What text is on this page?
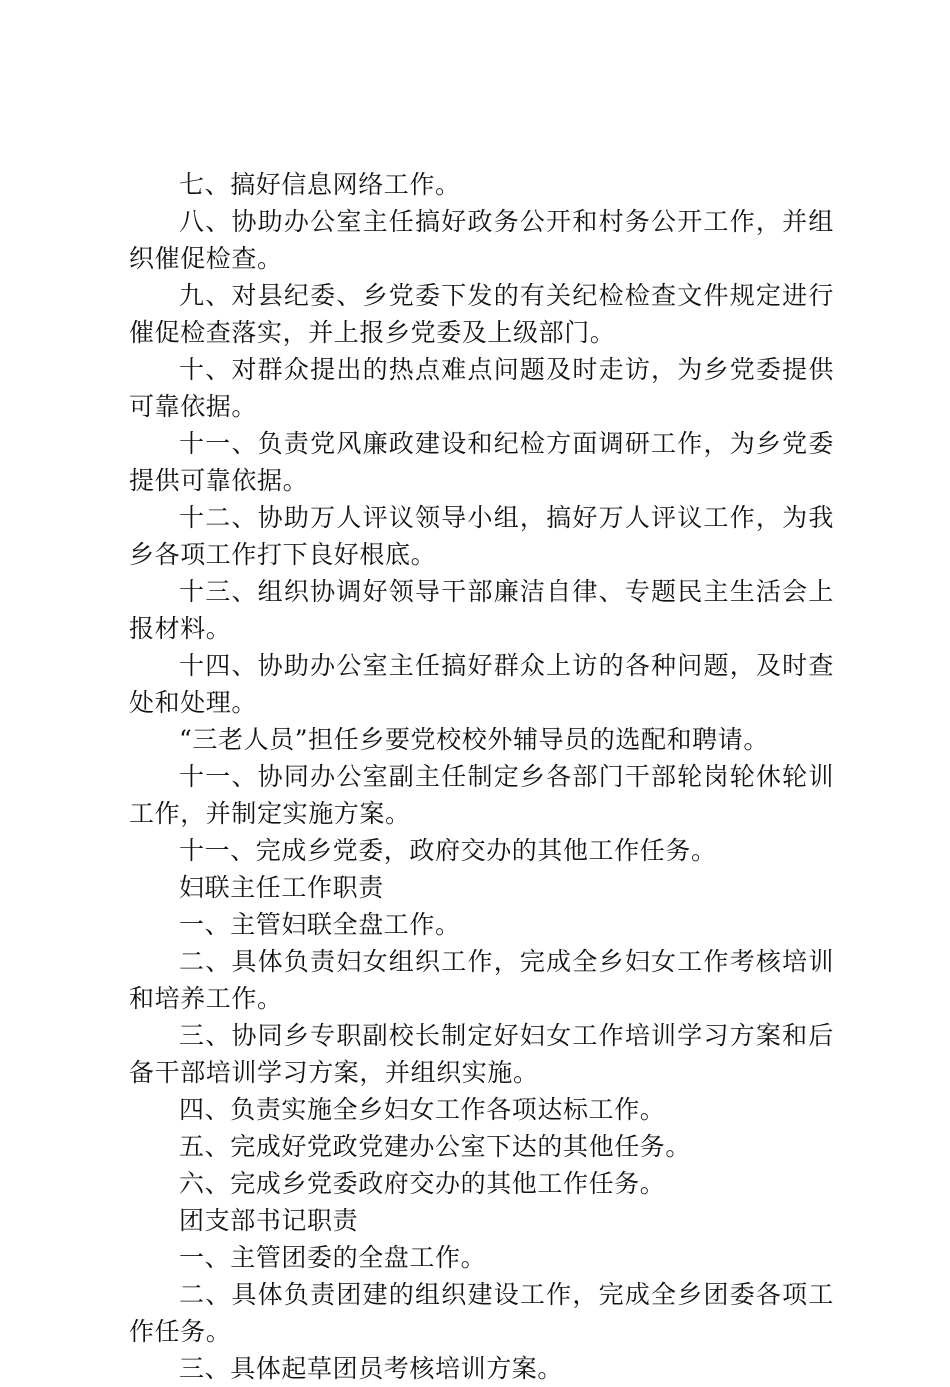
七、搞好信息网络工作。

八、协助办公室主任搞好政务公开和村务公开工作，并组织催促检查。

九、对县纪委、乡党委下发的有关纪检检查文件规定进行催促检查落实，并上报乡党委及上级部门。

十、对群众提出的热点难点问题及时走访，为乡党委提供可靠依据。

十一、负责党风廉政建设和纪检方面调研工作，为乡党委提供可靠依据。

十二、协助万人评议领导小组，搞好万人评议工作，为我乡各项工作打下良好根底。

十三、组织协调好领导干部廉洁自律、专题民主生活会上报材料。

十四、协助办公室主任搞好群众上访的各种问题，及时查处和处理。

“三老人员”担任乡要党校校外辅导员的选配和聘请。

十一、协同办公室副主任制定乡各部门干部轮岗轮休轮训工作，并制定实施方案。

十一、完成乡党委，政府交办的其他工作任务。

妇联主任工作职责

一、主管妇联全盘工作。

二、具体负责妇女组织工作，完成全乡妇女工作考核培训和培养工作。

三、协同乡专职副校长制定好妇女工作培训学习方案和后备干部培训学习方案，并组织实施。

四、负责实施全乡妇女工作各项达标工作。

五、完成好党政党建办公室下达的其他任务。

六、完成乡党委政府交办的其他工作任务。

团支部书记职责

一、主管团委的全盘工作。

二、具体负责团建的组织建设工作，完成全乡团委各项工作任务。

三、具体起草团员考核培训方案。
